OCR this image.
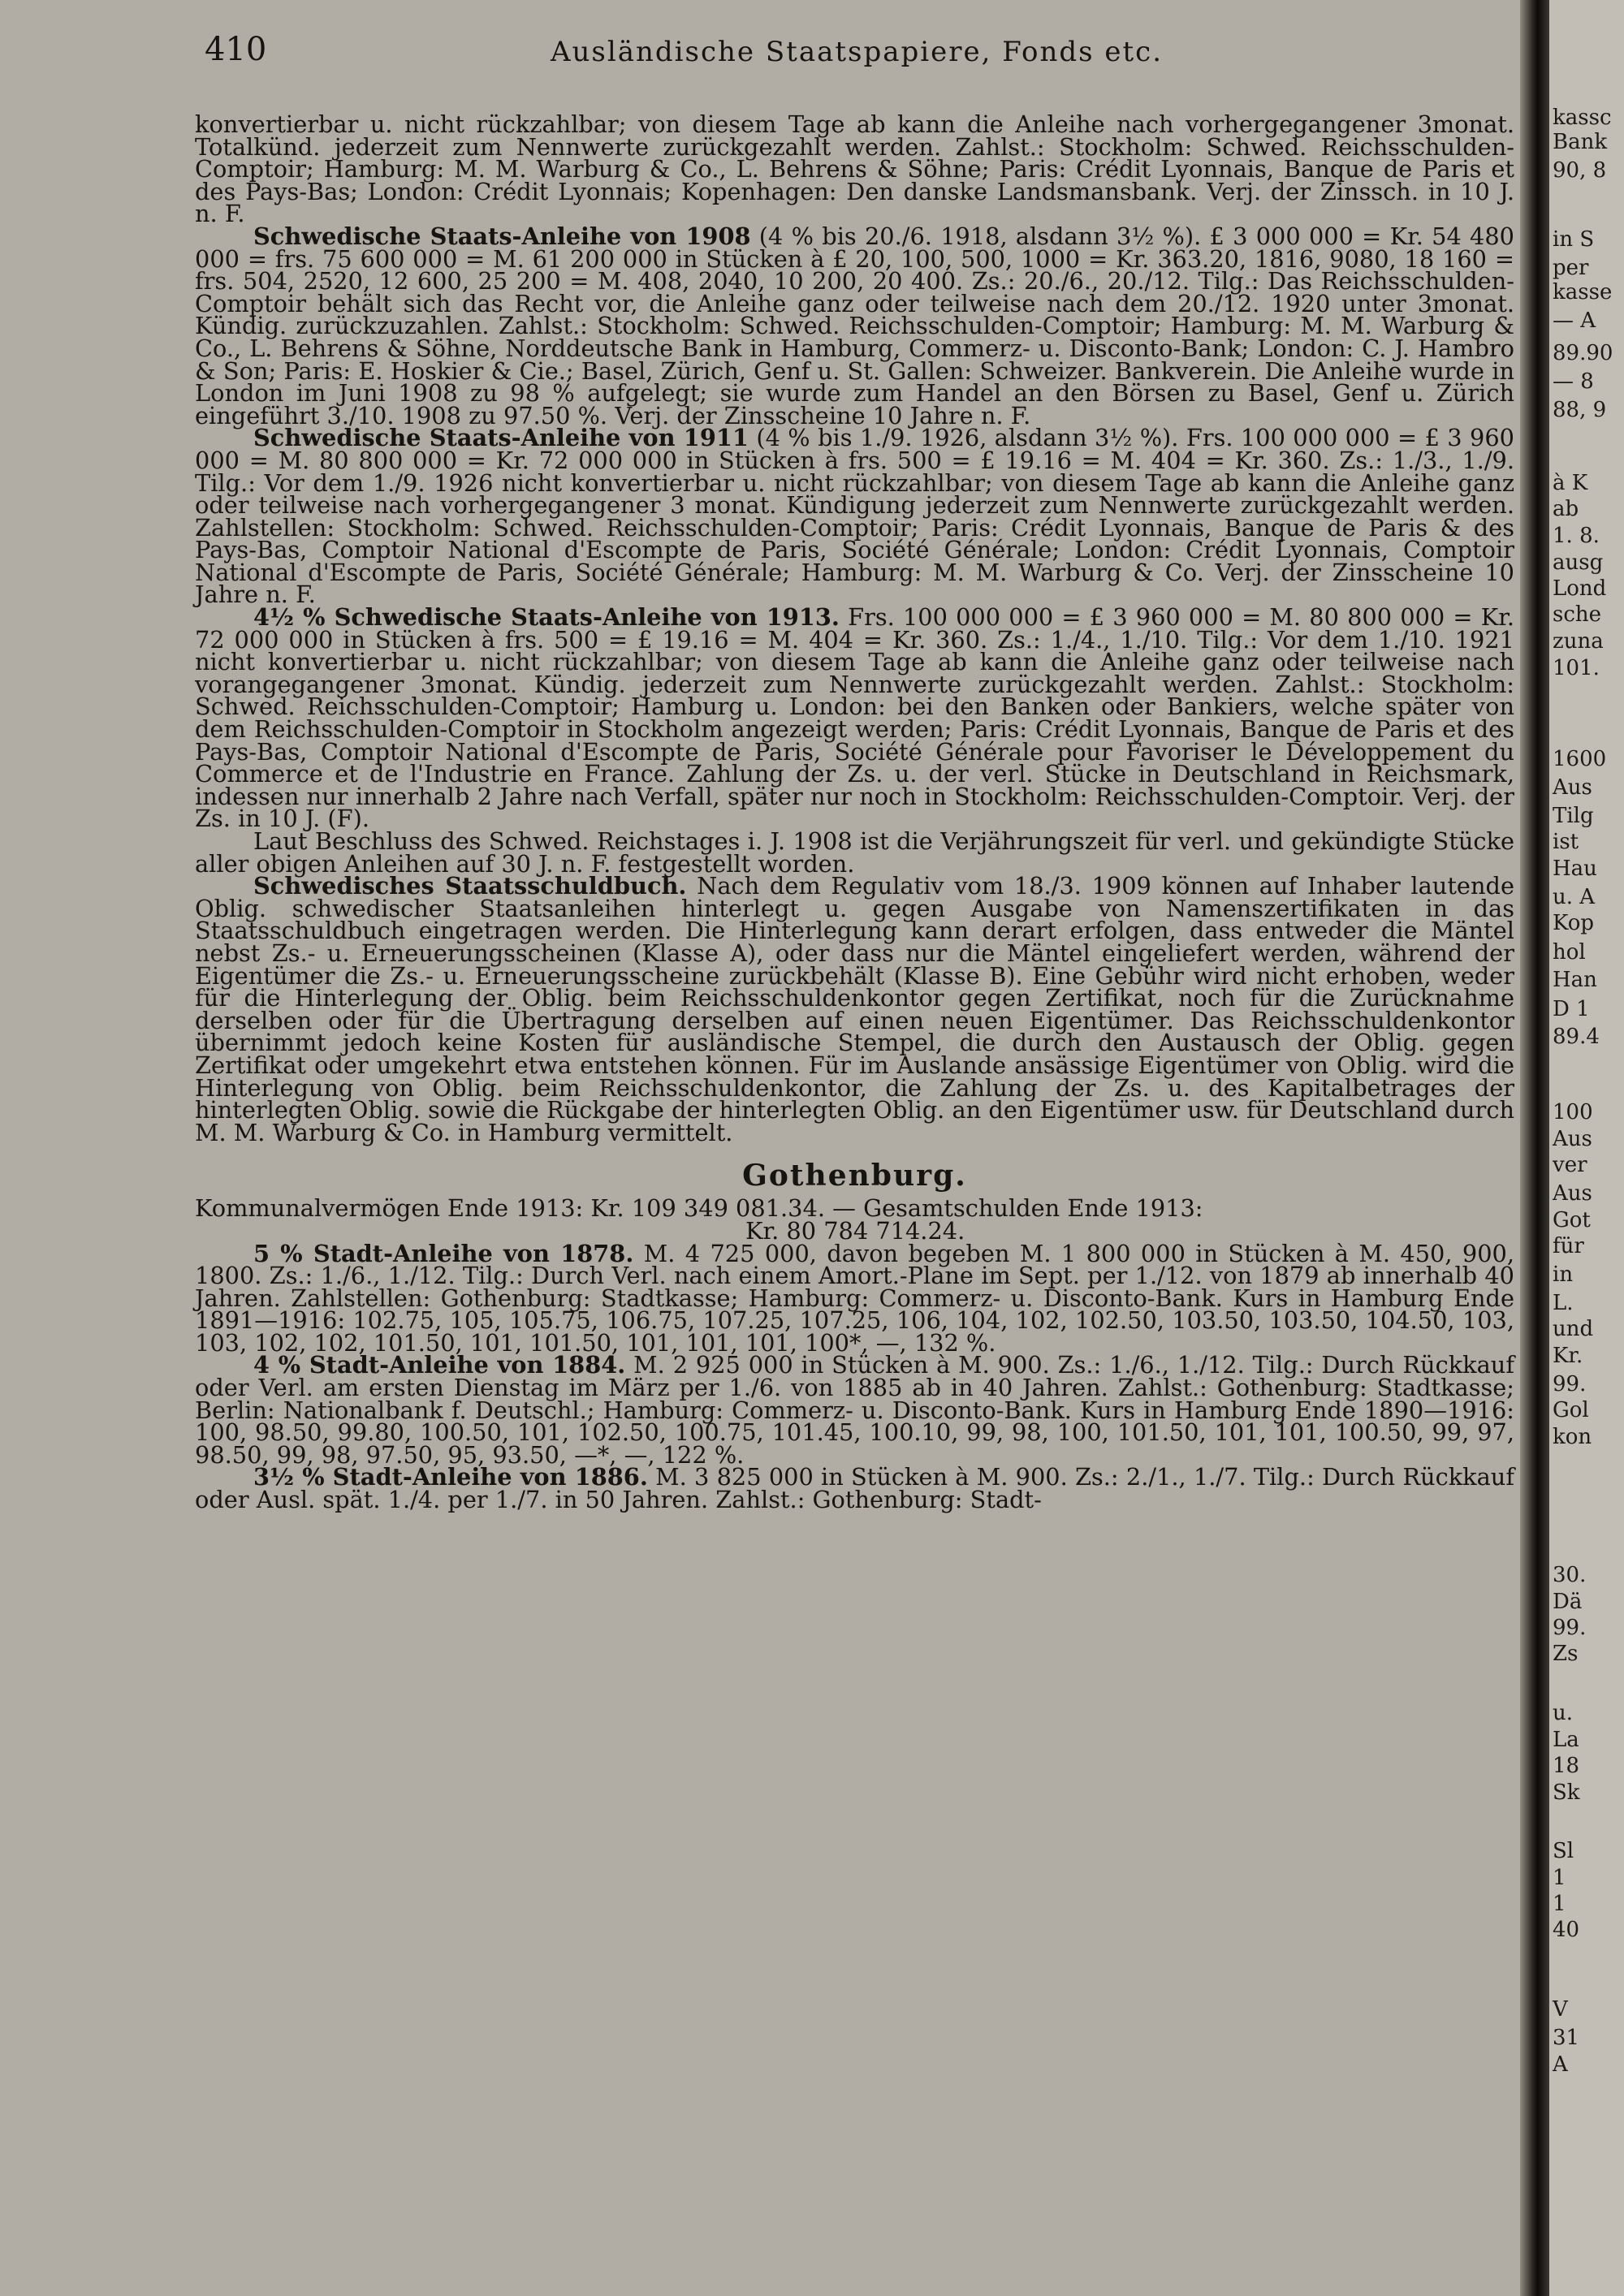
410	Ausländische Staatspapiere, Fonds etc.

konvertierbar u. nicht rückzahlbar; von diesem Tage ab kann die Anleihe nach vorhergegangener 3monat. Totalkünd. jederzeit zum Nennwerte zurückgezahlt werden. Zahlst.: Stockholm: Schwed. Reichsschulden-Comptoir; Hamburg: M. M. Warburg & Co., L. Behrens & Söhne; Paris: Crédit Lyonnais, Banque de Paris et des Pays-Bas; London: Crédit Lyonnais; Kopenhagen: Den danske Landsmansbank. Verj. der Zinssch. in 10 J. n. F.

Schwedische Staats-Anleihe von 1908 (4 % bis 20./6. 1918, alsdann 3½ %). £ 3 000 000 = Kr. 54 480 000 = frs. 75 600 000 = M. 61 200 000 in Stücken à £ 20, 100, 500, 1000 = Kr. 363.20, 1816, 9080, 18 160 = frs. 504, 2520, 12 600, 25 200 = M. 408, 2040, 10 200, 20 400. Zs.: 20./6., 20./12. Tilg.: Das Reichsschulden-Comptoir behält sich das Recht vor, die Anleihe ganz oder teilweise nach dem 20./12. 1920 unter 3monat. Kündig. zurückzuzahlen. Zahlst.: Stockholm: Schwed. Reichsschulden-Comptoir; Hamburg: M. M. Warburg & Co., L. Behrens & Söhne, Norddeutsche Bank in Hamburg, Commerz- u. Disconto-Bank; London: C. J. Hambro & Son; Paris: E. Hoskier & Cie.; Basel, Zürich, Genf u. St. Gallen: Schweizer. Bankverein. Die Anleihe wurde in London im Juni 1908 zu 98 % aufgelegt; sie wurde zum Handel an den Börsen zu Basel, Genf u. Zürich eingeführt 3./10. 1908 zu 97.50 %. Verj. der Zinsscheine 10 Jahre n. F.

Schwedische Staats-Anleihe von 1911 (4 % bis 1./9. 1926, alsdann 3½ %). Frs. 100 000 000 = £ 3 960 000 = M. 80 800 000 = Kr. 72 000 000 in Stücken à frs. 500 = £ 19.16 = M. 404 = Kr. 360. Zs.: 1./3., 1./9. Tilg.: Vor dem 1./9. 1926 nicht konvertierbar u. nicht rückzahlbar; von diesem Tage ab kann die Anleihe ganz oder teilweise nach vorhergegangener 3 monat. Kündigung jederzeit zum Nennwerte zurückgezahlt werden. Zahlstellen: Stockholm: Schwed. Reichsschulden-Comptoir; Paris: Crédit Lyonnais, Banque de Paris & des Pays-Bas, Comptoir National d'Escompte de Paris, Société Générale; London: Crédit Lyonnais, Comptoir National d'Escompte de Paris, Société Générale; Hamburg: M. M. Warburg & Co. Verj. der Zinsscheine 10 Jahre n. F.

4½ % Schwedische Staats-Anleihe von 1913. Frs. 100 000 000 = £ 3 960 000 = M. 80 800 000 = Kr. 72 000 000 in Stücken à frs. 500 = £ 19.16 = M. 404 = Kr. 360. Zs.: 1./4., 1./10. Tilg.: Vor dem 1./10. 1921 nicht konvertierbar u. nicht rückzahlbar; von diesem Tage ab kann die Anleihe ganz oder teilweise nach vorangegangener 3monat. Kündig. jederzeit zum Nennwerte zurückgezahlt werden. Zahlst.: Stockholm: Schwed. Reichsschulden-Comptoir; Hamburg u. London: bei den Banken oder Bankiers, welche später von dem Reichsschulden-Comptoir in Stockholm angezeigt werden; Paris: Crédit Lyonnais, Banque de Paris et des Pays-Bas, Comptoir National d'Escompte de Paris, Société Générale pour Favoriser le Développement du Commerce et de l'Industrie en France. Zahlung der Zs. u. der verl. Stücke in Deutschland in Reichsmark, indessen nur innerhalb 2 Jahre nach Verfall, später nur noch in Stockholm: Reichsschulden-Comptoir. Verj. der Zs. in 10 J. (F).

Laut Beschluss des Schwed. Reichstages i. J. 1908 ist die Verjährungszeit für verl. und gekündigte Stücke aller obigen Anleihen auf 30 J. n. F. festgestellt worden.

Schwedisches Staatsschuldbuch. Nach dem Regulativ vom 18./3. 1909 können auf Inhaber lautende Oblig. schwedischer Staatsanleihen hinterlegt u. gegen Ausgabe von Namenszertifikaten in das Staatsschuldbuch eingetragen werden. Die Hinterlegung kann derart erfolgen, dass entweder die Mäntel nebst Zs.- u. Erneuerungsscheinen (Klasse A), oder dass nur die Mäntel eingeliefert werden, während der Eigentümer die Zs.- u. Erneuerungsscheine zurückbehält (Klasse B). Eine Gebühr wird nicht erhoben, weder für die Hinterlegung der Oblig. beim Reichsschuldenkontor gegen Zertifikat, noch für die Zurücknahme derselben oder für die Übertragung derselben auf einen neuen Eigentümer. Das Reichsschuldenkontor übernimmt jedoch keine Kosten für ausländische Stempel, die durch den Austausch der Oblig. gegen Zertifikat oder umgekehrt etwa entstehen können. Für im Auslande ansässige Eigentümer von Oblig. wird die Hinterlegung von Oblig. beim Reichsschuldenkontor, die Zahlung der Zs. u. des Kapitalbetrages der hinterlegten Oblig. sowie die Rückgabe der hinterlegten Oblig. an den Eigentümer usw. für Deutschland durch M. M. Warburg & Co. in Hamburg vermittelt.

Gothenburg.

Kommunalvermögen Ende 1913: Kr. 109 349 081.34. — Gesamtschulden Ende 1913:
Kr. 80 784 714.24.

5 % Stadt-Anleihe von 1878. M. 4 725 000, davon begeben M. 1 800 000 in Stücken à M. 450, 900, 1800. Zs.: 1./6., 1./12. Tilg.: Durch Verl. nach einem Amort.-Plane im Sept. per 1./12. von 1879 ab innerhalb 40 Jahren. Zahlstellen: Gothenburg: Stadtkasse; Hamburg: Commerz- u. Disconto-Bank. Kurs in Hamburg Ende 1891—1916: 102.75, 105, 105.75, 106.75, 107.25, 107.25, 106, 104, 102, 102.50, 103.50, 103.50, 104.50, 103, 103, 102, 102, 101.50, 101, 101.50, 101, 101, 101, 100*, —, 132 %.

4 % Stadt-Anleihe von 1884. M. 2 925 000 in Stücken à M. 900. Zs.: 1./6., 1./12. Tilg.: Durch Rückkauf oder Verl. am ersten Dienstag im März per 1./6. von 1885 ab in 40 Jahren. Zahlst.: Gothenburg: Stadtkasse; Berlin: Nationalbank f. Deutschl.; Hamburg: Commerz- u. Disconto-Bank. Kurs in Hamburg Ende 1890—1916: 100, 98.50, 99.80, 100.50, 101, 102.50, 100.75, 101.45, 100.10, 99, 98, 100, 101.50, 101, 101, 100.50, 99, 97, 98.50, 99, 98, 97.50, 95, 93.50, —*, —, 122 %.

3½ % Stadt-Anleihe von 1886. M. 3 825 000 in Stücken à M. 900. Zs.: 2./1., 1./7. Tilg.: Durch Rückkauf oder Ausl. spät. 1./4. per 1./7. in 50 Jahren. Zahlst.: Gothenburg: Stadt-

kassc
Bank
90, 8
in S
per
kasse
— A
89.90
— 8
88, 9
à K
ab
1. 8.
ausg
Lond
sche
zuna
101.
1600
Aus
Tilg
ist
Hau
u. A
Kop
hol
Han
D 1
89.4
100
Aus
ver
Aus
Got
für
in
L.
und
Kr.
99.
Gol
kon
30.
Dä
99.
Zs
u.
La
18
Sk
Sl
1
1
40
V
31
A
